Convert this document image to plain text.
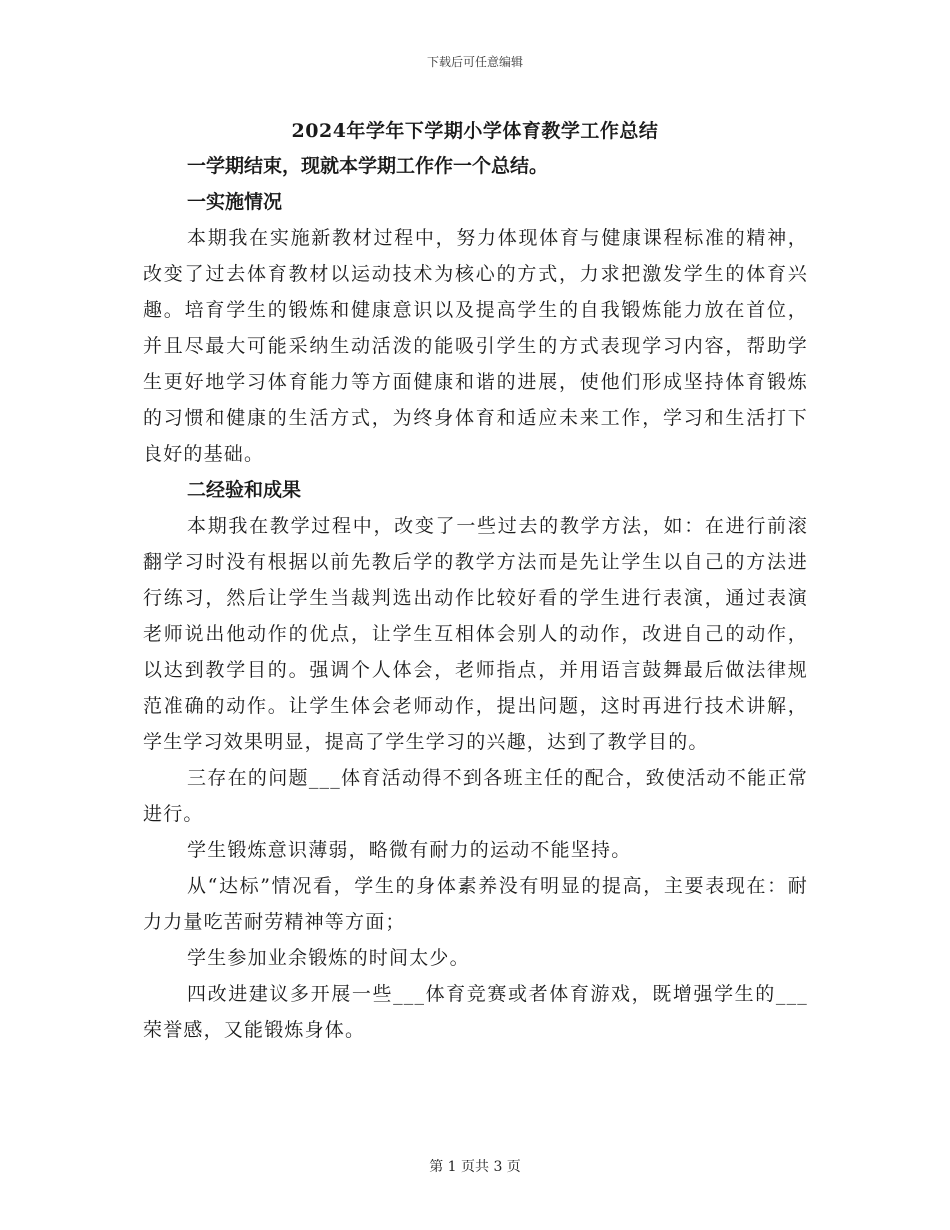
下载后可任意编辑
2024年学年下学期小学体育教学工作总结

一学期结束，现就本学期工作作一个总结。

一实施情况

本期我在实施新教材过程中，努力体现体育与健康课程标准的精神，改变了过去体育教材以运动技术为核心的方式，力求把激发学生的体育兴趣。培育学生的锻炼和健康意识以及提高学生的自我锻炼能力放在首位，并且尽最大可能采纳生动活泼的能吸引学生的方式表现学习内容，帮助学生更好地学习体育能力等方面健康和谐的进展，使他们形成坚持体育锻炼的习惯和健康的生活方式，为终身体育和适应未来工作，学习和生活打下良好的基础。

二经验和成果

本期我在教学过程中，改变了一些过去的教学方法，如：在进行前滚翻学习时没有根据以前先教后学的教学方法而是先让学生以自己的方法进行练习，然后让学生当裁判选出动作比较好看的学生进行表演，通过表演老师说出他动作的优点，让学生互相体会别人的动作，改进自己的动作，以达到教学目的。强调个人体会，老师指点，并用语言鼓舞最后做法律规范准确的动作。让学生体会老师动作，提出问题，这时再进行技术讲解，学生学习效果明显，提高了学生学习的兴趣，达到了教学目的。

三存在的问题___体育活动得不到各班主任的配合，致使活动不能正常进行。

学生锻炼意识薄弱，略微有耐力的运动不能坚持。

从“达标”情况看，学生的身体素养没有明显的提高，主要表现在：耐力力量吃苦耐劳精神等方面；

学生参加业余锻炼的时间太少。

四改进建议多开展一些___体育竞赛或者体育游戏，既增强学生的___荣誉感，又能锻炼身体。

第 1 页共 3 页
